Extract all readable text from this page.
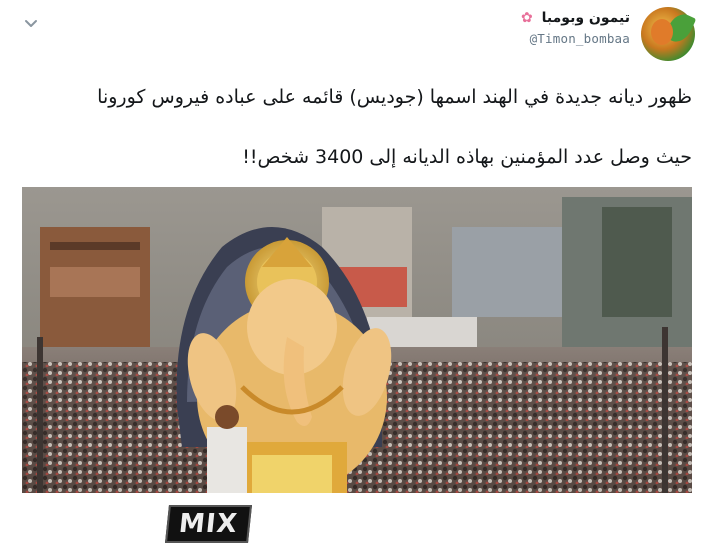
تيمون وبومبا ✿
@Timon_bombaa
ظهور ديانه جديدة في الهند اسمها (جوديس) قائمه على عباده فيروس كورونا
حيث وصل عدد المؤمنين بهاذه الديانه إلى 3400 شخص!!
MIX
